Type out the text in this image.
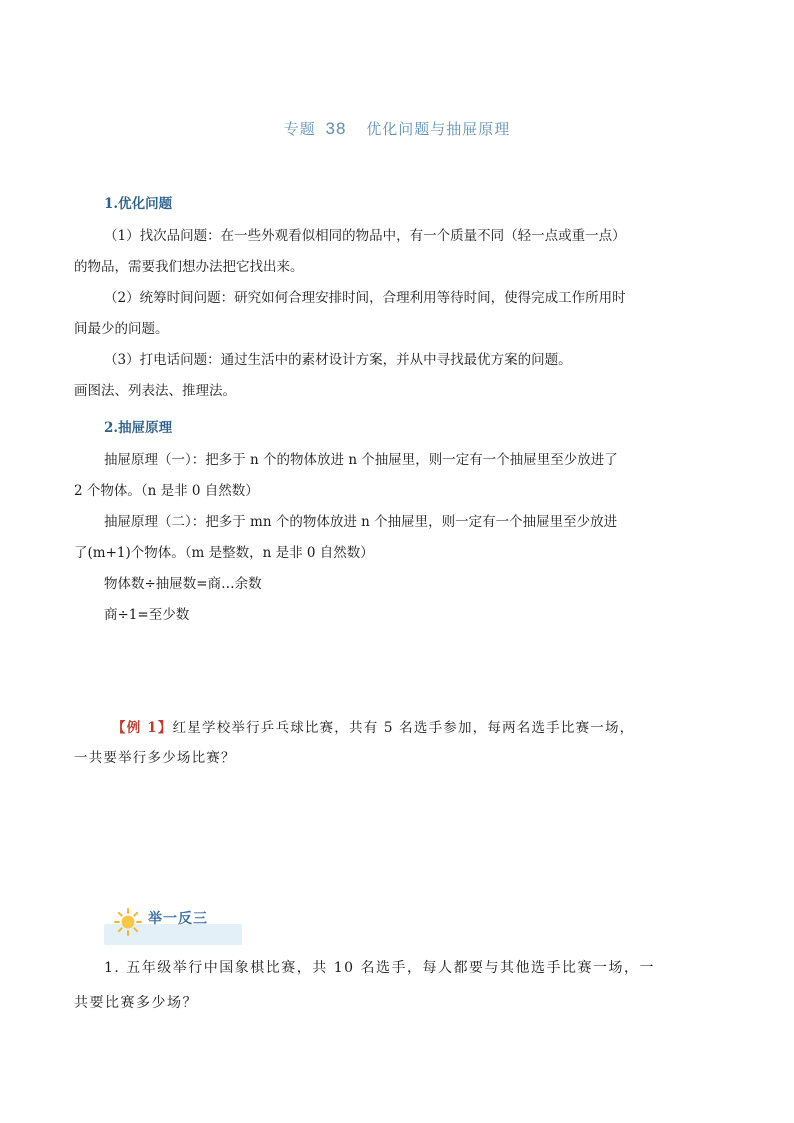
专题 38 优化问题与抽屉原理
1.优化问题
（1）找次品问题：在一些外观看似相同的物品中，有一个质量不同（轻一点或重一点）
的物品，需要我们想办法把它找出来。
（2）统筹时间问题：研究如何合理安排时间，合理利用等待时间，使得完成工作所用时
间最少的问题。
（3）打电话问题：通过生活中的素材设计方案，并从中寻找最优方案的问题。
画图法、列表法、推理法。
2.抽屉原理
抽屉原理（一）：把多于 n 个的物体放进 n 个抽屉里，则一定有一个抽屉里至少放进了
2 个物体。（n 是非 0 自然数）
抽屉原理（二）：把多于 mn 个的物体放进 n 个抽屉里，则一定有一个抽屉里至少放进
了(m+1)个物体。（m 是整数，n 是非 0 自然数）
物体数÷抽屉数=商…余数
商÷1=至少数
【例 1】红星学校举行乒乓球比赛，共有 5 名选手参加，每两名选手比赛一场，
一共要举行多少场比赛？
举一反三
1. 五年级举行中国象棋比赛，共 10 名选手，每人都要与其他选手比赛一场，一
共要比赛多少场？
